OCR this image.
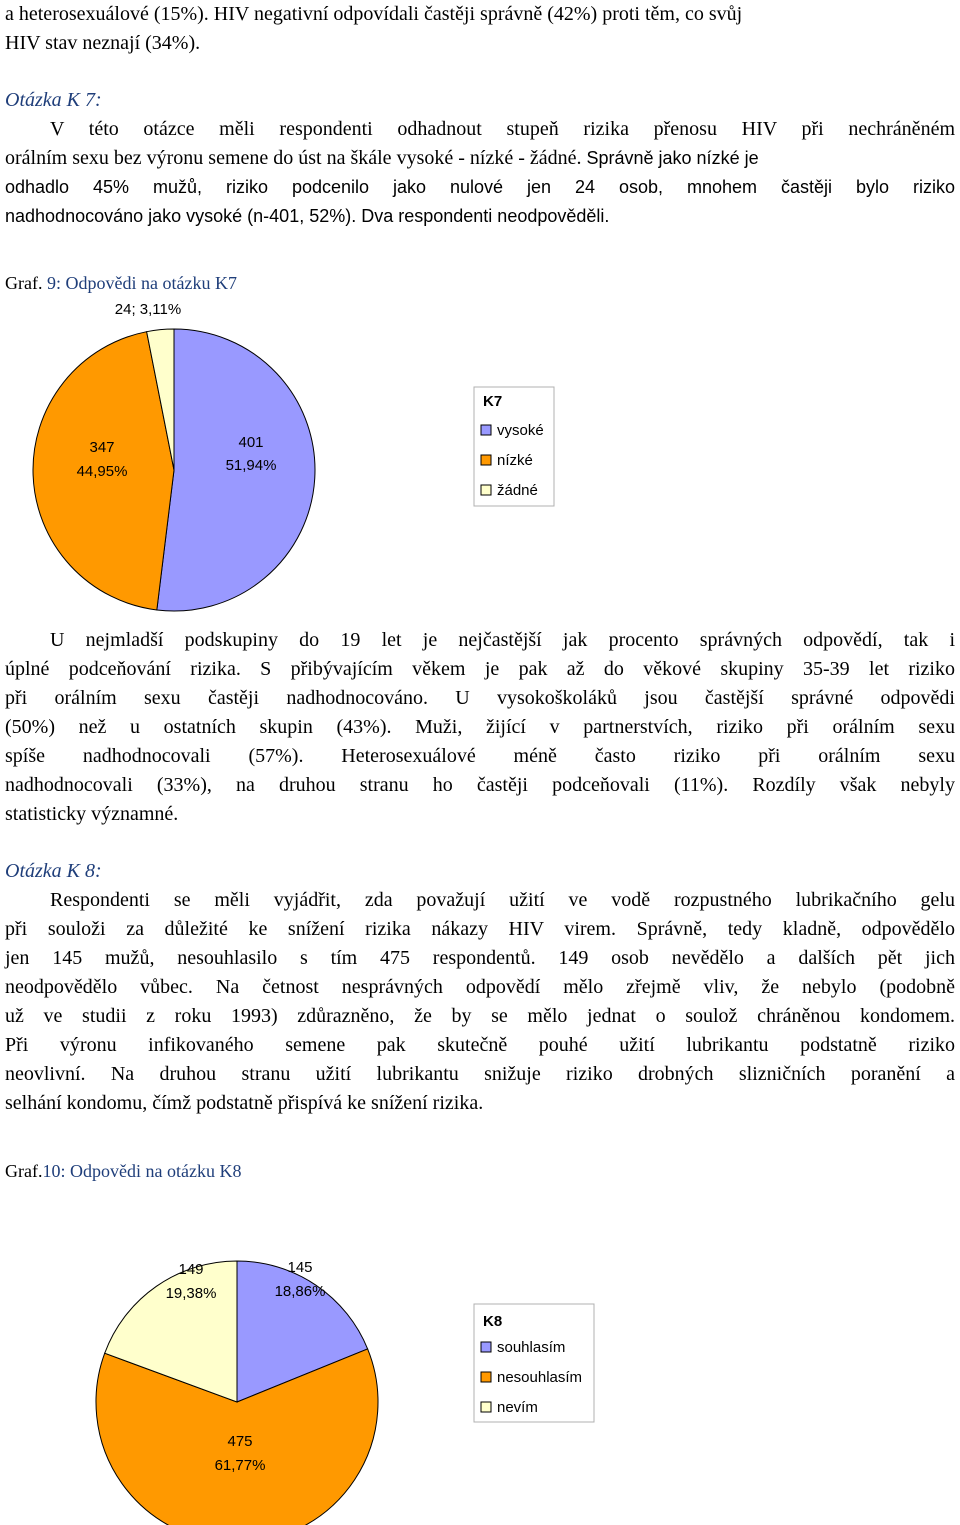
a heterosexuálové (15%). HIV negativní odpovídali častěji správně (42%) proti těm, co svůj

HIV stav neznají (34%).

Otázka K 7:

V této otázce měli respondenti odhadnout stupeň rizika přenosu HIV při nechráněném

orálním sexu bez výronu semene do úst na škále vysoké - nízké - žádné. Správně jako nízké je

odhadlo 45% mužů, riziko podcenilo jako nulové jen 24 osob, mnohem častěji bylo riziko

nadhodnocováno jako vysoké (n-401, 52%). Dva respondenti neodpověděli.

Graf. 9: Odpovědi na otázku K7

24; 3,11%
347
44,95%
401
51,94%
K7
vysoké
nízké
žádné

U nejmladší podskupiny do 19 let je nejčastější jak procento správných odpovědí, tak i

úplné podceňování rizika. S přibývajícím věkem je pak až do věkové skupiny 35-39 let riziko

při orálním sexu častěji nadhodnocováno. U vysokoškoláků jsou častější správné odpovědi

(50%) než u ostatních skupin (43%). Muži, žijící v partnerstvích, riziko při orálním sexu

spíše nadhodnocovali (57%). Heterosexuálové méně často riziko při orálním sexu

nadhodnocovali (33%), na druhou stranu ho častěji podceňovali (11%). Rozdíly však nebyly

statisticky významné.

Otázka K 8:

Respondenti se měli vyjádřit, zda považují užití ve vodě rozpustného lubrikačního gelu

při souloži za důležité ke snížení rizika nákazy HIV virem. Správně, tedy kladně, odpovědělo

jen 145 mužů, nesouhlasilo s tím 475 respondentů. 149 osob nevědělo a dalších pět jich

neodpovědělo vůbec. Na četnost nesprávných odpovědí mělo zřejmě vliv, že nebylo (podobně

už ve studii z roku 1993) zdůrazněno, že by se mělo jednat o soulož chráněnou kondomem.

Při výronu infikovaného semene pak skutečně pouhé užití lubrikantu podstatně riziko

neovlivní. Na druhou stranu užití lubrikantu snižuje riziko drobných slizničních poranění a

selhání kondomu, čímž podstatně přispívá ke snížení rizika.

Graf.10: Odpovědi na otázku K8

149
19,38%
145
18,86%
475
61,77%
K8
souhlasím
nesouhlasím
nevím
